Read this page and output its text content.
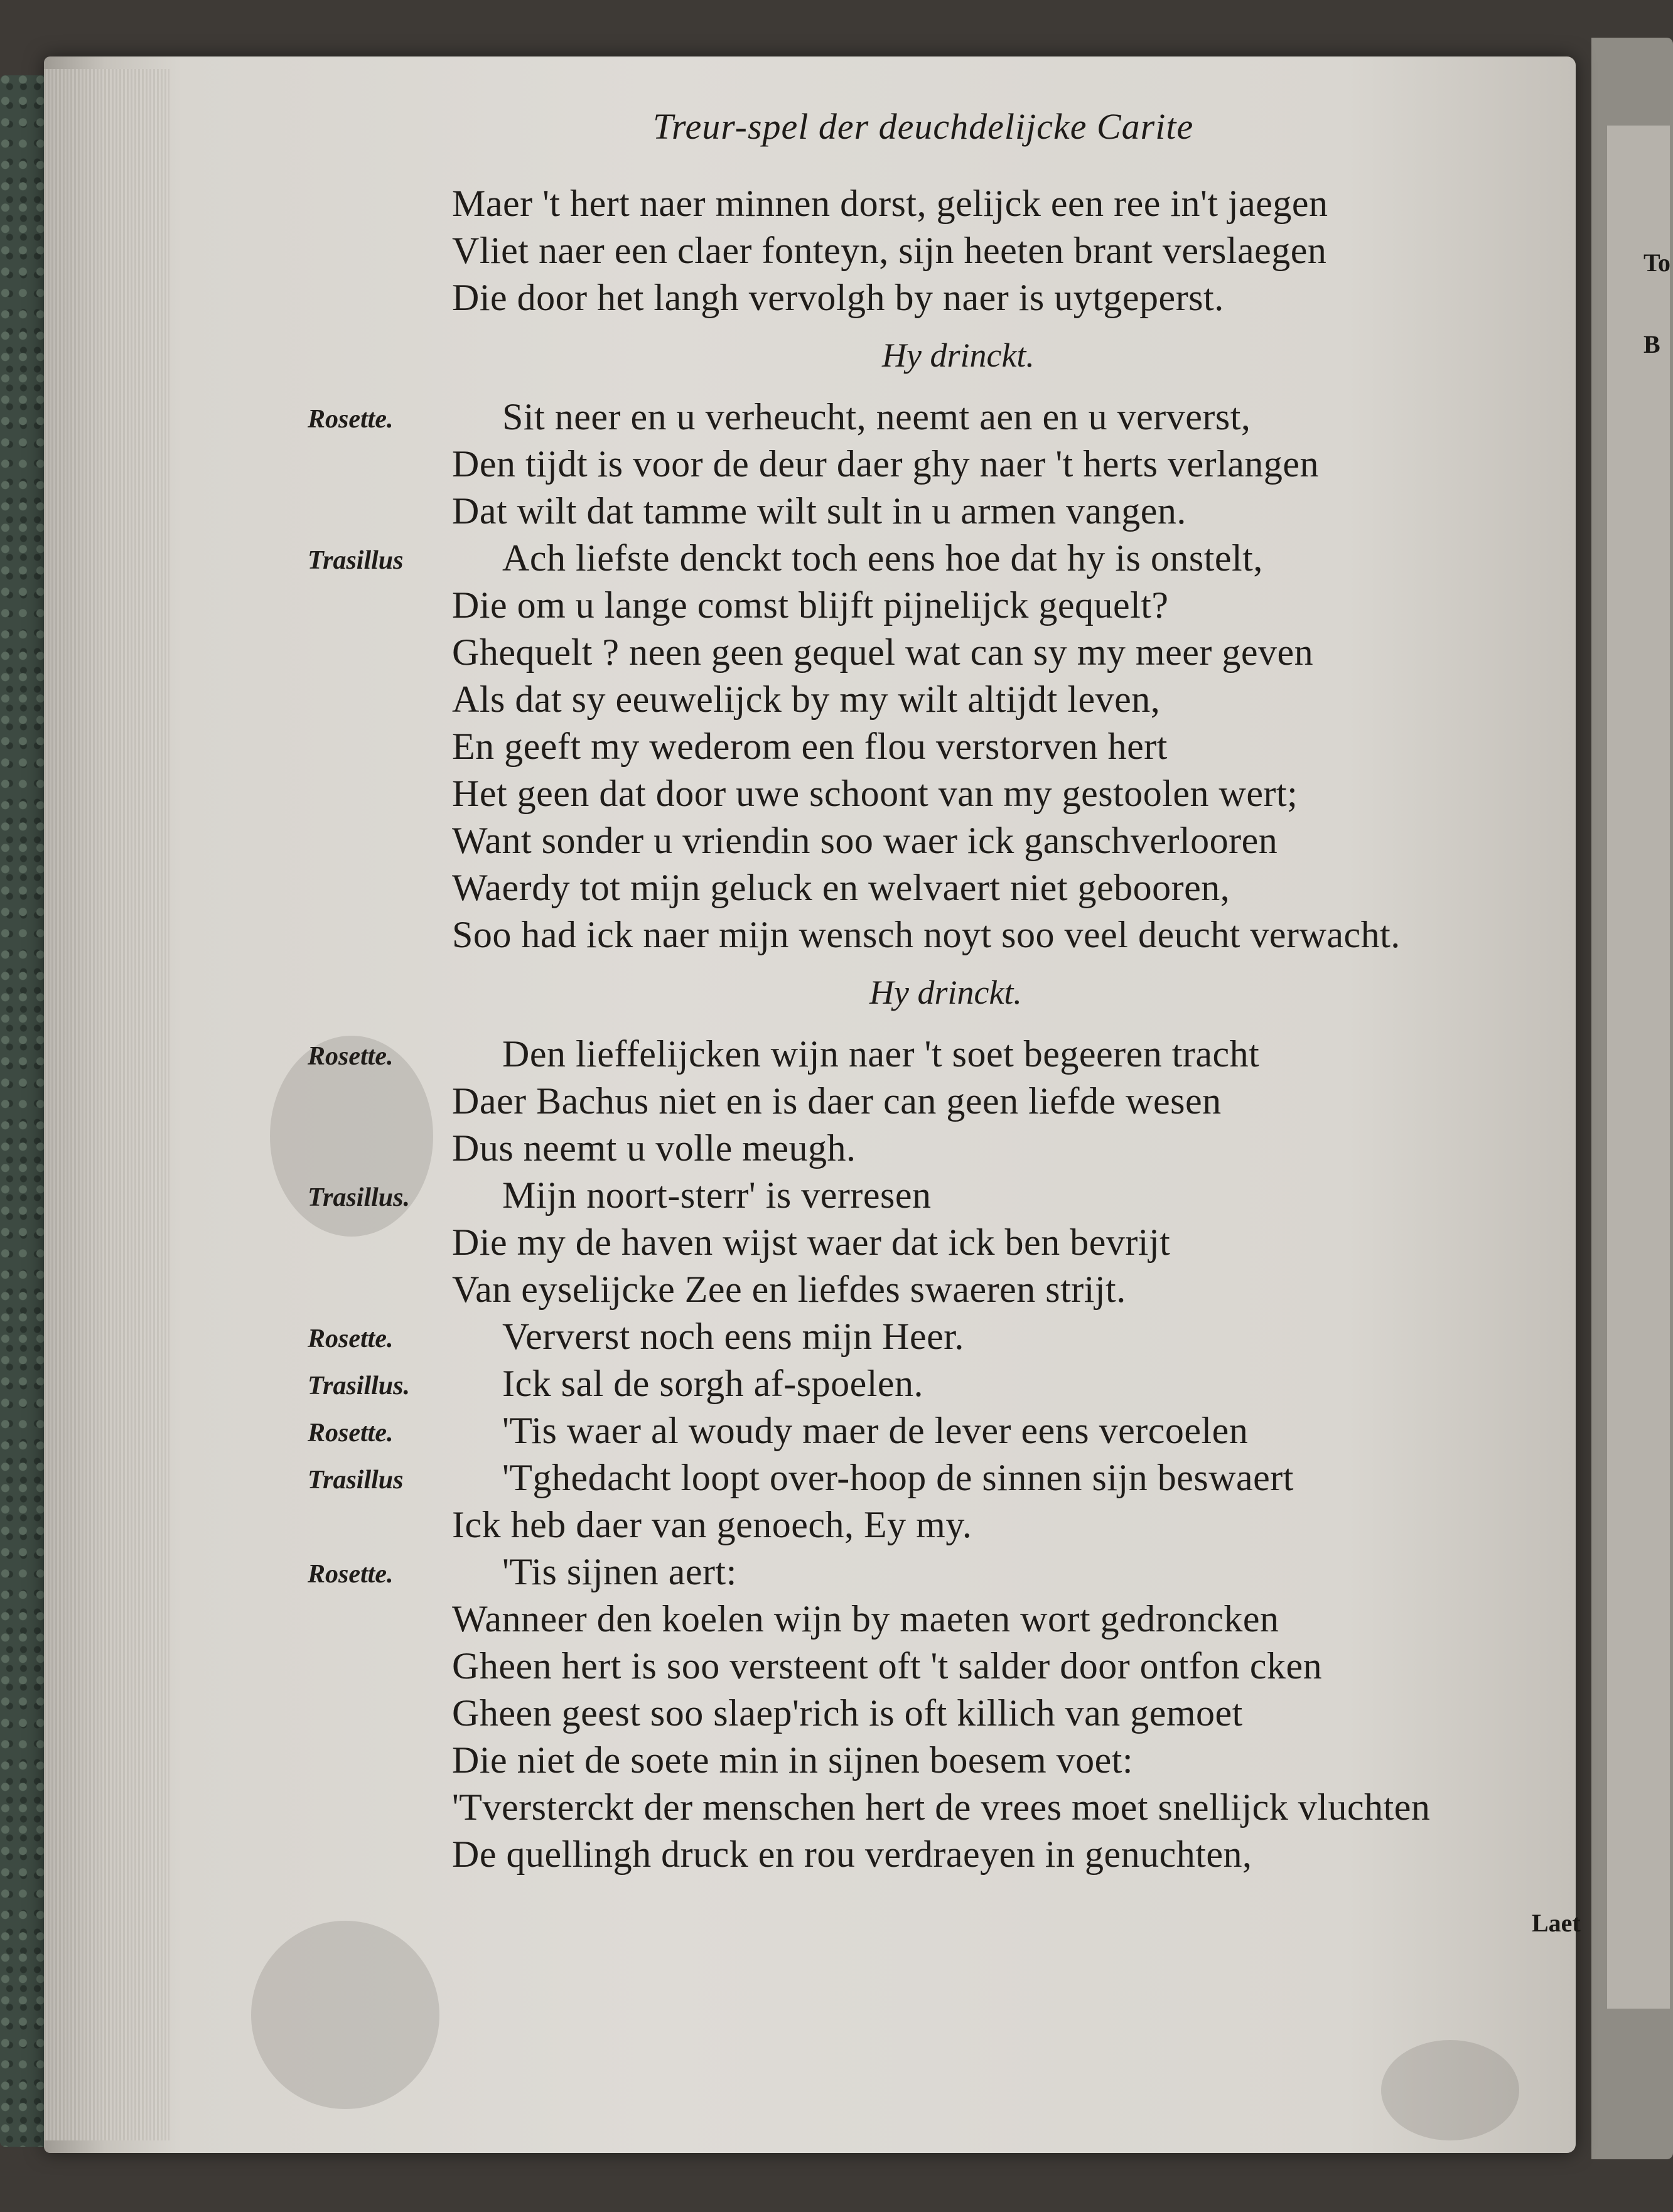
Treur-spel der deuchdelijcke Carite
Maer 't hert naer minnen dorst, gelijck een ree in't jaegen
Vliet naer een claer fonteyn, sijn heeten brant verslaegen
Die door het langh vervolgh by naer is uytgeperst.
Hy drinckt.
Rosette.	Sit neer en u verheucht, neemt aen en u ververst,
Den tijdt is voor de deur daer ghy naer 't herts verlangen
Dat wilt dat tamme wilt sult in u armen vangen.
Trasillus	Ach liefste denckt toch eens hoe dat hy is onstelt,
Die om u lange comst blijft pijnelijck gequelt?
Ghequelt ? neen geen gequel wat can sy my meer geven
Als dat sy eeuwelijck by my wilt altijdt leven,
En geeft my wederom een flou verstorven hert
Het geen dat door uwe schoont van my gestoolen wert;
Want sonder u vriendin soo waer ick ganschverlooren
Waerdy tot mijn geluck en welvaert niet gebooren,
Soo had ick naer mijn wensch noyt soo veel deucht verwacht.
Hy drinckt.
Rosette.	Den lieffelijcken wijn naer 't soet begeeren tracht
Daer Bachus niet en is daer can geen liefde wesen
Dus neemt u volle meugh.
Trasillus. Mijn noort-sterr' is verresen
Die my de haven wijst waer dat ick ben bevrijt
Van eyselijcke Zee en liefdes swaeren strijt.
Rosette.	Ververst noch eens mijn Heer.
Trasillus. Ick sal de sorgh af-spoelen.
Rosette.	'Tis waer al woudy maer de lever eens vercoelen
Trasillus	'Tghedacht loopt over-hoop de sinnen sijn beswaert
Ick heb daer van genoech, Ey my.
Rosette.	'Tis sijnen aert:
Wanneer den koelen wijn by maeten wort gedroncken
Gheen hert is soo versteent oft 't salder door ontfon cken
Gheen geest soo slaep'rich is oft killich van gemoet
Die niet de soete min in sijnen boesem voet:
'Tversterckt der menschen hert de vrees moet snellijck vluchten
De quellingh druck en rou verdraeyen in genuchten,
Laet
To
B
